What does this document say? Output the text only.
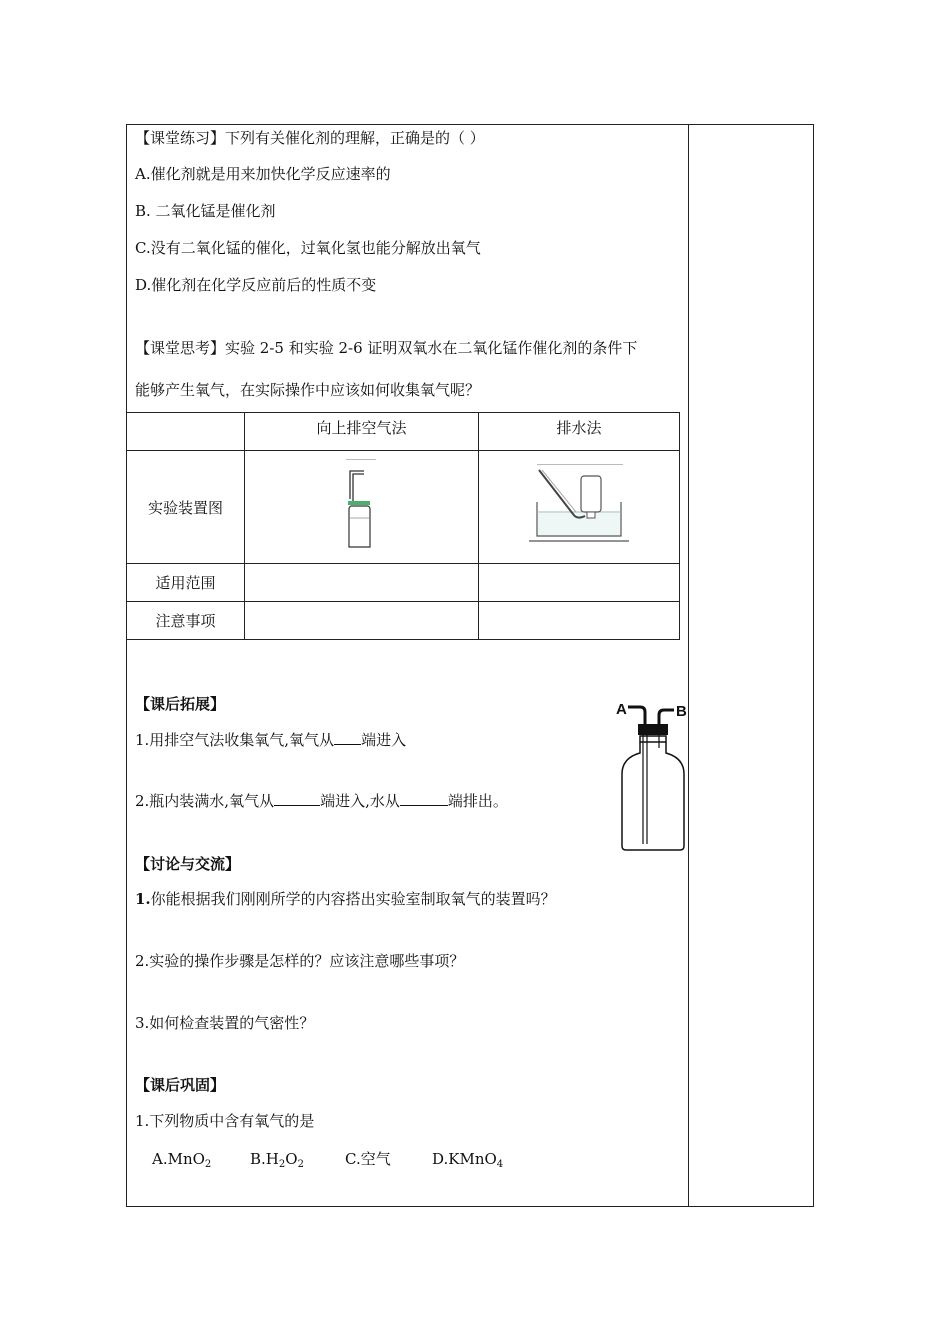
【课堂练习】下列有关催化剂的理解，正确是的（ ）
A.催化剂就是用来加快化学反应速率的
B. 二氧化锰是催化剂
C.没有二氧化锰的催化，过氧化氢也能分解放出氧气
D.催化剂在化学反应前后的性质不变
【课堂思考】实验 2-5 和实验 2-6 证明双氧水在二氧化锰作催化剂的条件下
能够产生氧气，在实际操作中应该如何收集氧气呢？
	向上排空气法	排水法
实验装置图		
适用范围		
注意事项		
【课后拓展】
1.用排空气法收集氧气,氧气从 端进入
2.瓶内装满水,氧气从	端进入,水从	端排出。
A	B
【讨论与交流】
1.你能根据我们刚刚所学的内容搭出实验室制取氧气的装置吗？
2.实验的操作步骤是怎样的？应该注意哪些事项？
3.如何检查装置的气密性？
【课后巩固】
1.下列物质中含有氧气的是
A.MnO$_2$	$B.H_2O_2$	C.空气	D.KMnO$_4$
